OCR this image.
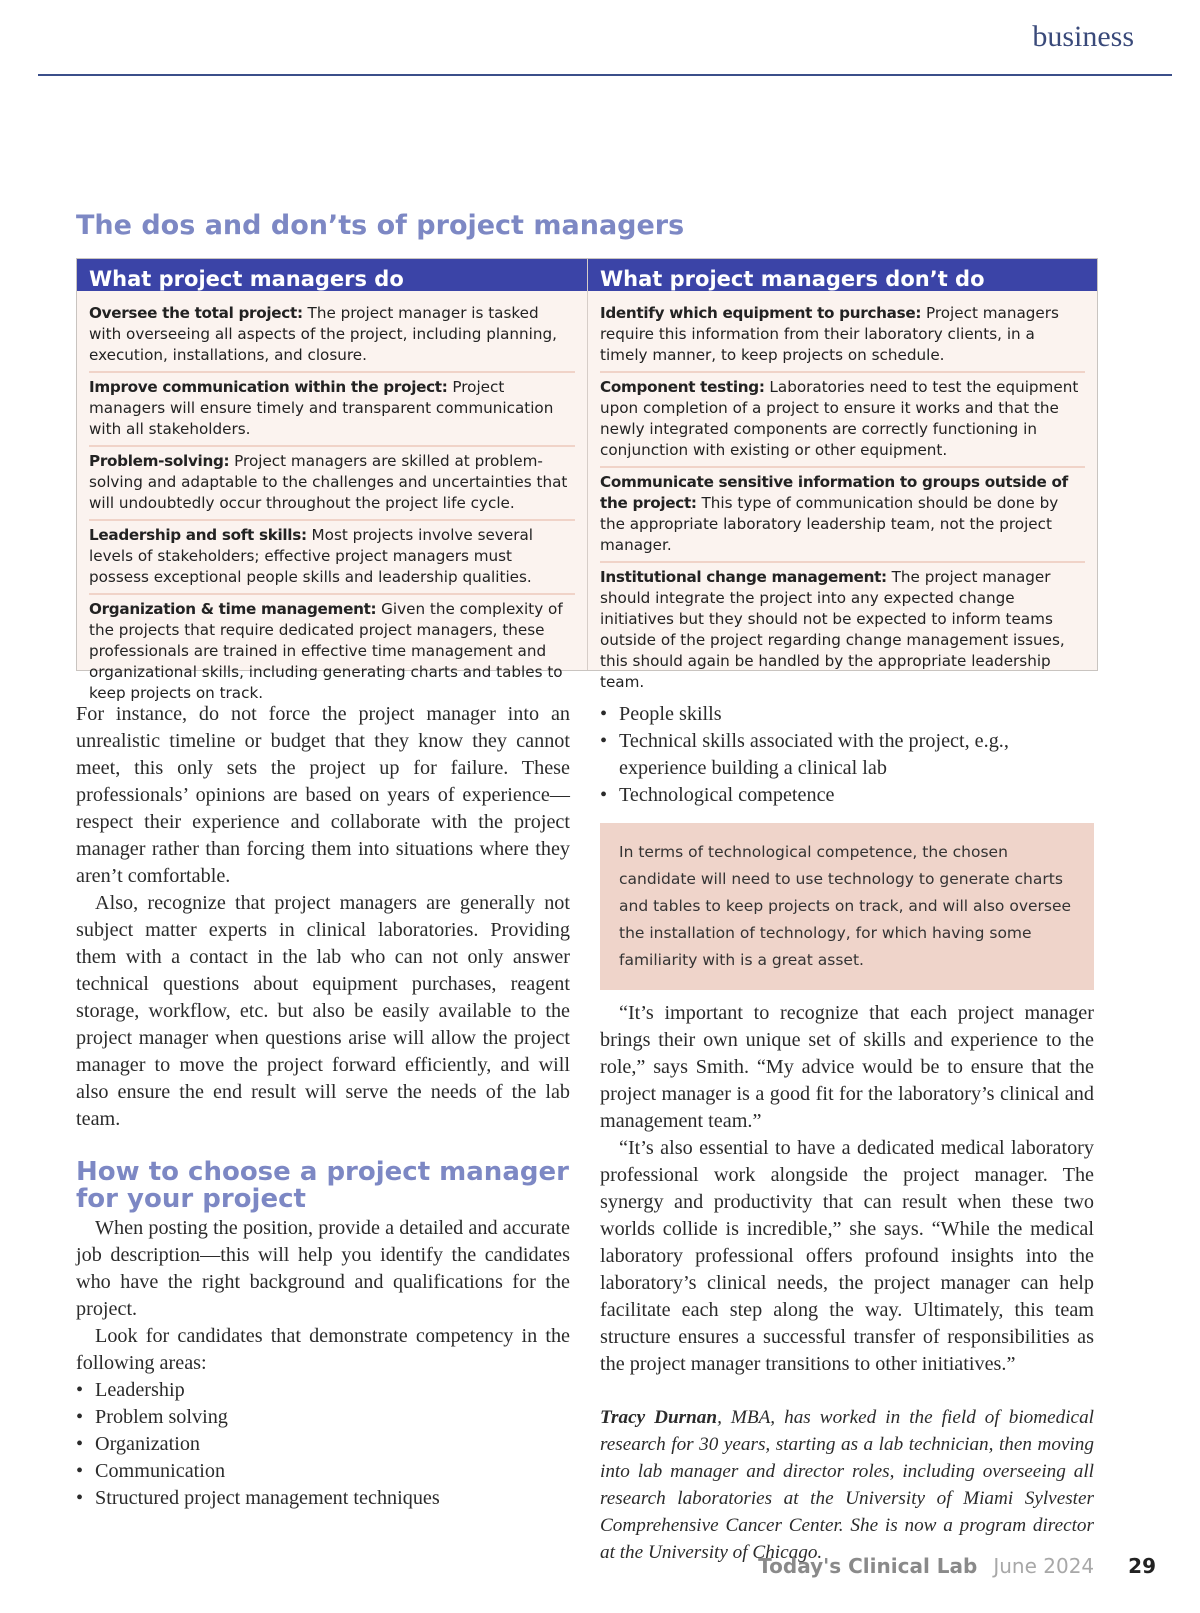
business
The dos and don’ts of project managers
What project managers do
Oversee the total project: The project manager is tasked with overseeing all aspects of the project, including planning, execution, installations, and closure.
Improve communication within the project: Project managers will ensure timely and transparent communication with all stakeholders.
Problem-solving: Project managers are skilled at problem-solving and adaptable to the challenges and uncertainties that will undoubtedly occur throughout the project life cycle.
Leadership and soft skills: Most projects involve several levels of stakeholders; effective project managers must possess exceptional people skills and leadership qualities.
Organization & time management: Given the complexity of the projects that require dedicated project managers, these professionals are trained in effective time management and organizational skills, including generating charts and tables to keep projects on track.
What project managers don’t do
Identify which equipment to purchase: Project managers require this information from their laboratory clients, in a timely manner, to keep projects on schedule.
Component testing: Laboratories need to test the equipment upon completion of a project to ensure it works and that the newly integrated components are correctly functioning in conjunction with existing or other equipment.
Communicate sensitive information to groups outside of the project: This type of communication should be done by the appropriate laboratory leadership team, not the project manager.
Institutional change management: The project manager should integrate the project into any expected change initiatives but they should not be expected to inform teams outside of the project regarding change management issues, this should again be handled by the appropriate leadership team.

For instance, do not force the project manager into an unrealistic timeline or budget that they know they cannot meet, this only sets the project up for failure. These professionals’ opinions are based on years of experience—respect their experience and collaborate with the project manager rather than forcing them into situations where they aren’t comfortable.

Also, recognize that project managers are generally not subject matter experts in clinical laboratories. Providing them with a contact in the lab who can not only answer technical questions about equipment purchases, reagent storage, workflow, etc. but also be easily available to the project manager when questions arise will allow the project manager to move the project forward efficiently, and will also ensure the end result will serve the needs of the lab team.

How to choose a project manager for your project

When posting the position, provide a detailed and accurate job description—this will help you identify the candidates who have the right background and qualifications for the project.

Look for candidates that demonstrate competency in the following areas:

• Leadership
• Problem solving
• Organization
• Communication
• Structured project management techniques
• People skills
• Technical skills associated with the project, e.g., experience building a clinical lab
• Technological competence
In terms of technological competence, the chosen candidate will need to use technology to generate charts and tables to keep projects on track, and will also oversee the installation of technology, for which having some familiarity with is a great asset.

“It’s important to recognize that each project manager brings their own unique set of skills and experience to the role,” says Smith. “My advice would be to ensure that the project manager is a good fit for the laboratory’s clinical and management team.”

“It’s also essential to have a dedicated medical laboratory professional work alongside the project manager. The synergy and productivity that can result when these two worlds collide is incredible,” she says. “While the medical laboratory professional offers profound insights into the laboratory’s clinical needs, the project manager can help facilitate each step along the way. Ultimately, this team structure ensures a successful transfer of responsibilities as the project manager transitions to other initiatives.”

Tracy Durnan, MBA, has worked in the field of biomedical research for 30 years, starting as a lab technician, then moving into lab manager and director roles, including overseeing all research laboratories at the University of Miami Sylvester Comprehensive Cancer Center. She is now a program director at the University of Chicago.

Today's Clinical Lab June 2024 29
